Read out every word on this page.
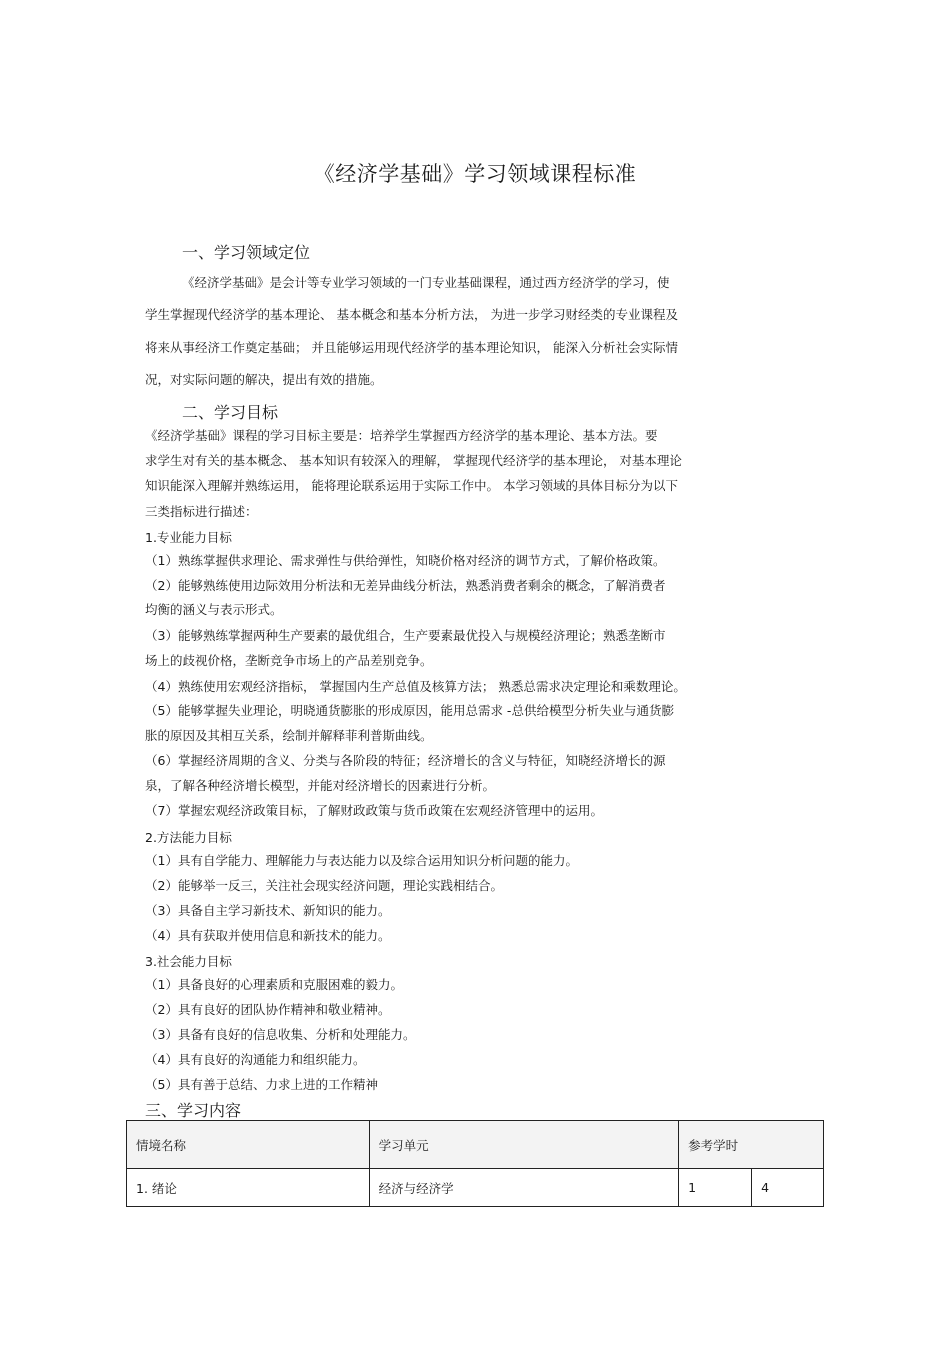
《经济学基础》学习领域课程标准
一、学习领域定位
《经济学基础》是会计等专业学习领域的一门专业基础课程，通过西方经济学的学习，使
学生掌握现代经济学的基本理论、 基本概念和基本分析方法， 为进一步学习财经类的专业课程及
将来从事经济工作奠定基础； 并且能够运用现代经济学的基本理论知识， 能深入分析社会实际情
况，对实际问题的解决，提出有效的措施。
二、学习目标
《经济学基础》课程的学习目标主要是：培养学生掌握西方经济学的基本理论、基本方法。要
求学生对有关的基本概念、 基本知识有较深入的理解， 掌握现代经济学的基本理论， 对基本理论
知识能深入理解并熟练运用， 能将理论联系运用于实际工作中。 本学习领域的具体目标分为以下
三类指标进行描述：
1.专业能力目标
（1）熟练掌握供求理论、需求弹性与供给弹性，知晓价格对经济的调节方式，了解价格政策。
（2）能够熟练使用边际效用分析法和无差异曲线分析法，熟悉消费者剩余的概念，了解消费者
均衡的涵义与表示形式。
（3）能够熟练掌握两种生产要素的最优组合，生产要素最优投入与规模经济理论；熟悉垄断市
场上的歧视价格，垄断竞争市场上的产品差别竞争。
（4）熟练使用宏观经济指标， 掌握国内生产总值及核算方法； 熟悉总需求决定理论和乘数理论。
（5）能够掌握失业理论，明晓通货膨胀的形成原因，能用总需求 -总供给模型分析失业与通货膨
胀的原因及其相互关系，绘制并解释菲利普斯曲线。
（6）掌握经济周期的含义、分类与各阶段的特征；经济增长的含义与特征，知晓经济增长的源
泉，了解各种经济增长模型，并能对经济增长的因素进行分析。
（7）掌握宏观经济政策目标，了解财政政策与货币政策在宏观经济管理中的运用。
2.方法能力目标
（1）具有自学能力、理解能力与表达能力以及综合运用知识分析问题的能力。
（2）能够举一反三，关注社会现实经济问题，理论实践相结合。
（3）具备自主学习新技术、新知识的能力。
（4）具有获取并使用信息和新技术的能力。
3.社会能力目标
（1）具备良好的心理素质和克服困难的毅力。
（2）具有良好的团队协作精神和敬业精神。
（3）具备有良好的信息收集、分析和处理能力。
（4）具有良好的沟通能力和组织能力。
（5）具有善于总结、力求上进的工作精神
三、学习内容
情境名称	学习单元	参考学时	
1. 绪论	经济与经济学	1	4
